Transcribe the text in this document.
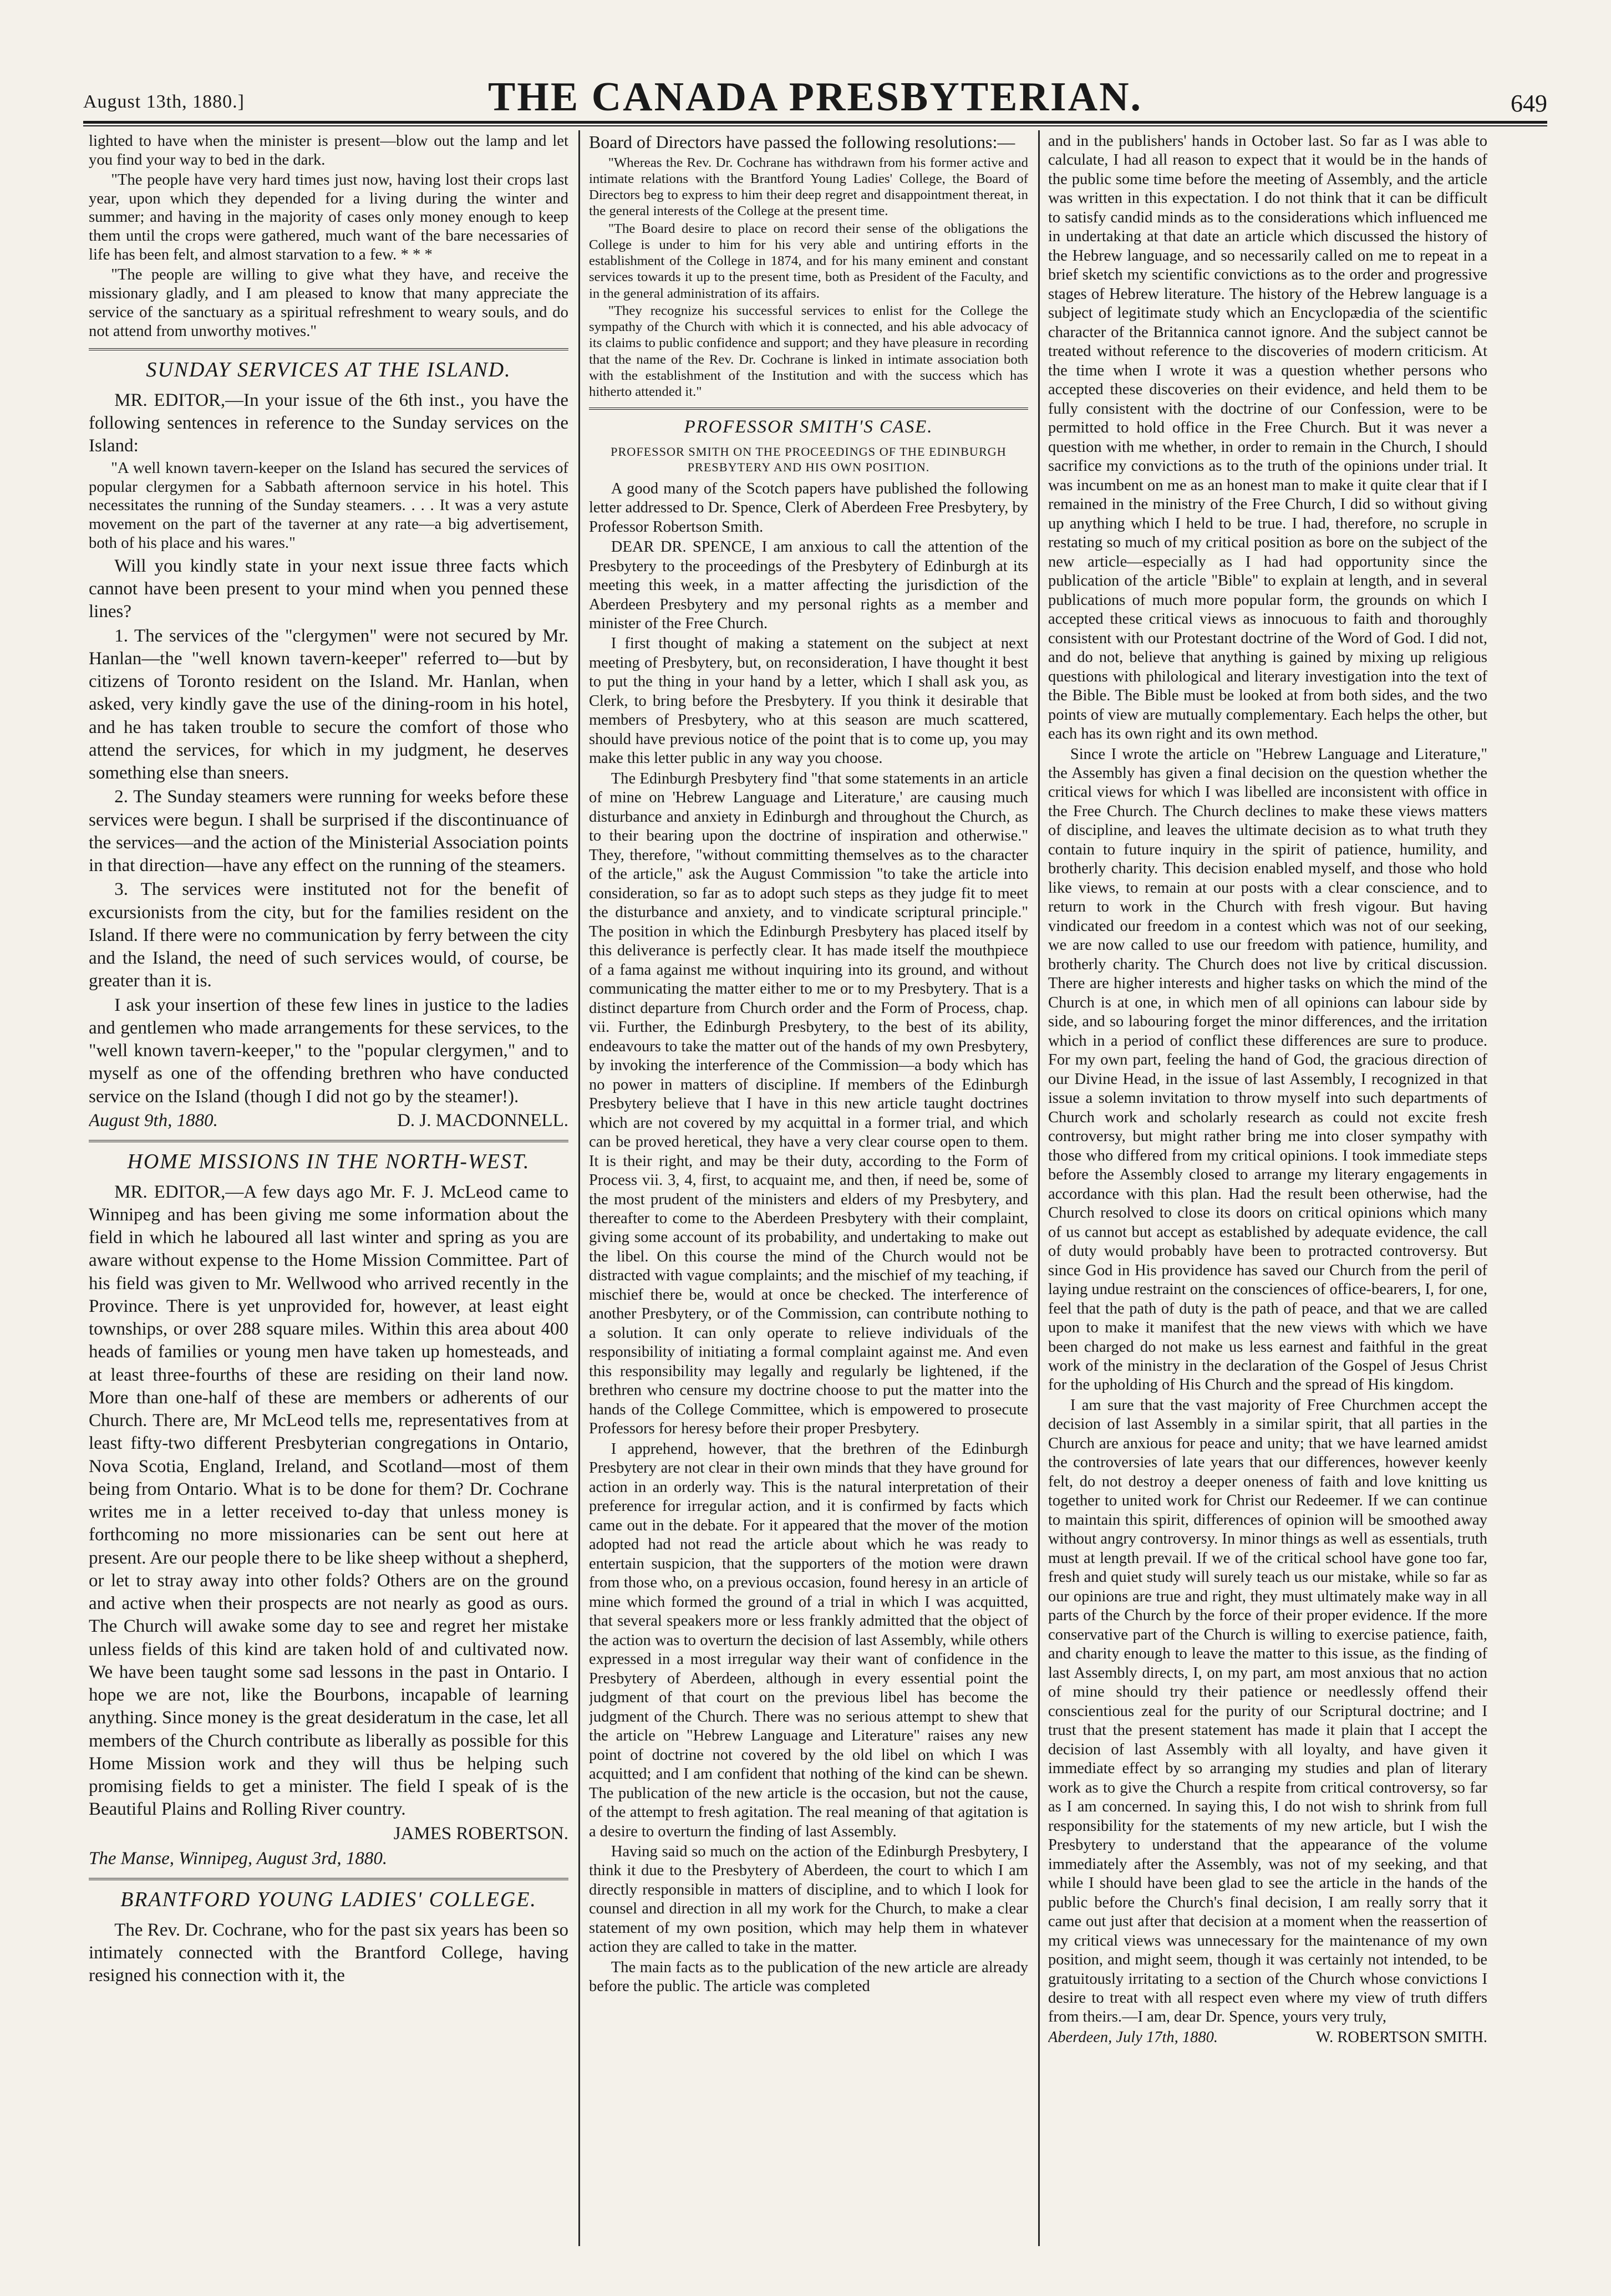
August 13th, 1880.]	THE CANADA PRESBYTERIAN.	649

lighted to have when the minister is present—blow out the lamp and let you find your way to bed in the dark.

"The people have very hard times just now, having lost their crops last year, upon which they depended for a living during the winter and summer; and having in the majority of cases only money enough to keep them until the crops were gathered, much want of the bare necessaries of life has been felt, and almost starvation to a few. * * *

"The people are willing to give what they have, and receive the missionary gladly, and I am pleased to know that many appreciate the service of the sanctuary as a spiritual refreshment to weary souls, and do not attend from unworthy motives."

SUNDAY SERVICES AT THE ISLAND.

MR. EDITOR,—In your issue of the 6th inst., you have the following sentences in reference to the Sunday services on the Island:

"A well known tavern-keeper on the Island has secured the services of popular clergymen for a Sabbath afternoon service in his hotel. This necessitates the running of the Sunday steamers. . . . It was a very astute movement on the part of the taverner at any rate—a big advertisement, both of his place and his wares."

Will you kindly state in your next issue three facts which cannot have been present to your mind when you penned these lines?

1. The services of the "clergymen" were not secured by Mr. Hanlan—the "well known tavern-keeper" referred to—but by citizens of Toronto resident on the Island. Mr. Hanlan, when asked, very kindly gave the use of the dining-room in his hotel, and he has taken trouble to secure the comfort of those who attend the services, for which in my judgment, he deserves something else than sneers.

2. The Sunday steamers were running for weeks before these services were begun. I shall be surprised if the discontinuance of the services—and the action of the Ministerial Association points in that direction—have any effect on the running of the steamers.

3. The services were instituted not for the benefit of excursionists from the city, but for the families resident on the Island. If there were no communication by ferry between the city and the Island, the need of such services would, of course, be greater than it is.

I ask your insertion of these few lines in justice to the ladies and gentlemen who made arrangements for these services, to the "well known tavern-keeper," to the "popular clergymen," and to myself as one of the offending brethren who have conducted service on the Island (though I did not go by the steamer!).

August 9th, 1880.	D. J. MACDONNELL.
HOME MISSIONS IN THE NORTH-WEST.

MR. EDITOR,—A few days ago Mr. F. J. McLeod came to Winnipeg and has been giving me some information about the field in which he laboured all last winter and spring as you are aware without expense to the Home Mission Committee. Part of his field was given to Mr. Wellwood who arrived recently in the Province. There is yet unprovided for, however, at least eight townships, or over 288 square miles. Within this area about 400 heads of families or young men have taken up homesteads, and at least three-fourths of these are residing on their land now. More than one-half of these are members or adherents of our Church. There are, Mr McLeod tells me, representatives from at least fifty-two different Presbyterian congregations in Ontario, Nova Scotia, England, Ireland, and Scotland—most of them being from Ontario. What is to be done for them? Dr. Cochrane writes me in a letter received to-day that unless money is forthcoming no more missionaries can be sent out here at present. Are our people there to be like sheep without a shepherd, or let to stray away into other folds? Others are on the ground and active when their prospects are not nearly as good as ours. The Church will awake some day to see and regret her mistake unless fields of this kind are taken hold of and cultivated now. We have been taught some sad lessons in the past in Ontario. I hope we are not, like the Bourbons, incapable of learning anything. Since money is the great desideratum in the case, let all members of the Church contribute as liberally as possible for this Home Mission work and they will thus be helping such promising fields to get a minister. The field I speak of is the Beautiful Plains and Rolling River country.

JAMES ROBERTSON.
The Manse, Winnipeg, August 3rd, 1880.
BRANTFORD YOUNG LADIES' COLLEGE.

The Rev. Dr. Cochrane, who for the past six years has been so intimately connected with the Brantford College, having resigned his connection with it, the

Board of Directors have passed the following resolutions:—

"Whereas the Rev. Dr. Cochrane has withdrawn from his former active and intimate relations with the Brantford Young Ladies' College, the Board of Directors beg to express to him their deep regret and disappointment thereat, in the general interests of the College at the present time.

"The Board desire to place on record their sense of the obligations the College is under to him for his very able and untiring efforts in the establishment of the College in 1874, and for his many eminent and constant services towards it up to the present time, both as President of the Faculty, and in the general administration of its affairs.

"They recognize his successful services to enlist for the College the sympathy of the Church with which it is connected, and his able advocacy of its claims to public confidence and support; and they have pleasure in recording that the name of the Rev. Dr. Cochrane is linked in intimate association both with the establishment of the Institution and with the success which has hitherto attended it."

PROFESSOR SMITH'S CASE.
PROFESSOR SMITH ON THE PROCEEDINGS OF THE EDINBURGH PRESBYTERY AND HIS OWN POSITION.

A good many of the Scotch papers have published the following letter addressed to Dr. Spence, Clerk of Aberdeen Free Presbytery, by Professor Robertson Smith.

DEAR DR. SPENCE, I am anxious to call the attention of the Presbytery to the proceedings of the Presbytery of Edinburgh at its meeting this week, in a matter affecting the jurisdiction of the Aberdeen Presbytery and my personal rights as a member and minister of the Free Church.

I first thought of making a statement on the subject at next meeting of Presbytery, but, on reconsideration, I have thought it best to put the thing in your hand by a letter, which I shall ask you, as Clerk, to bring before the Presbytery. If you think it desirable that members of Presbytery, who at this season are much scattered, should have previous notice of the point that is to come up, you may make this letter public in any way you choose.

The Edinburgh Presbytery find "that some statements in an article of mine on 'Hebrew Language and Literature,' are causing much disturbance and anxiety in Edinburgh and throughout the Church, as to their bearing upon the doctrine of inspiration and otherwise." They, therefore, "without committing themselves as to the character of the article," ask the August Commission "to take the article into consideration, so far as to adopt such steps as they judge fit to meet the disturbance and anxiety, and to vindicate scriptural principle." The position in which the Edinburgh Presbytery has placed itself by this deliverance is perfectly clear. It has made itself the mouthpiece of a fama against me without inquiring into its ground, and without communicating the matter either to me or to my Presbytery. That is a distinct departure from Church order and the Form of Process, chap. vii. Further, the Edinburgh Presbytery, to the best of its ability, endeavours to take the matter out of the hands of my own Presbytery, by invoking the interference of the Commission—a body which has no power in matters of discipline. If members of the Edinburgh Presbytery believe that I have in this new article taught doctrines which are not covered by my acquittal in a former trial, and which can be proved heretical, they have a very clear course open to them. It is their right, and may be their duty, according to the Form of Process vii. 3, 4, first, to acquaint me, and then, if need be, some of the most prudent of the ministers and elders of my Presbytery, and thereafter to come to the Aberdeen Presbytery with their complaint, giving some account of its probability, and undertaking to make out the libel. On this course the mind of the Church would not be distracted with vague complaints; and the mischief of my teaching, if mischief there be, would at once be checked. The interference of another Presbytery, or of the Commission, can contribute nothing to a solution. It can only operate to relieve individuals of the responsibility of initiating a formal complaint against me. And even this responsibility may legally and regularly be lightened, if the brethren who censure my doctrine choose to put the matter into the hands of the College Committee, which is empowered to prosecute Professors for heresy before their proper Presbytery.

I apprehend, however, that the brethren of the Edinburgh Presbytery are not clear in their own minds that they have ground for action in an orderly way. This is the natural interpretation of their preference for irregular action, and it is confirmed by facts which came out in the debate. For it appeared that the mover of the motion adopted had not read the article about which he was ready to entertain suspicion, that the supporters of the motion were drawn from those who, on a previous occasion, found heresy in an article of mine which formed the ground of a trial in which I was acquitted, that several speakers more or less frankly admitted that the object of the action was to overturn the decision of last Assembly, while others expressed in a most irregular way their want of confidence in the Presbytery of Aberdeen, although in every essential point the judgment of that court on the previous libel has become the judgment of the Church. There was no serious attempt to shew that the article on "Hebrew Language and Literature" raises any new point of doctrine not covered by the old libel on which I was acquitted; and I am confident that nothing of the kind can be shewn. The publication of the new article is the occasion, but not the cause, of the attempt to fresh agitation. The real meaning of that agitation is a desire to overturn the finding of last Assembly.

Having said so much on the action of the Edinburgh Presbytery, I think it due to the Presbytery of Aberdeen, the court to which I am directly responsible in matters of discipline, and to which I look for counsel and direction in all my work for the Church, to make a clear statement of my own position, which may help them in whatever action they are called to take in the matter.

The main facts as to the publication of the new article are already before the public. The article was completed

and in the publishers' hands in October last. So far as I was able to calculate, I had all reason to expect that it would be in the hands of the public some time before the meeting of Assembly, and the article was written in this expectation. I do not think that it can be difficult to satisfy candid minds as to the considerations which influenced me in undertaking at that date an article which discussed the history of the Hebrew language, and so necessarily called on me to repeat in a brief sketch my scientific convictions as to the order and progressive stages of Hebrew literature. The history of the Hebrew language is a subject of legitimate study which an Encyclopædia of the scientific character of the Britannica cannot ignore. And the subject cannot be treated without reference to the discoveries of modern criticism. At the time when I wrote it was a question whether persons who accepted these discoveries on their evidence, and held them to be fully consistent with the doctrine of our Confession, were to be permitted to hold office in the Free Church. But it was never a question with me whether, in order to remain in the Church, I should sacrifice my convictions as to the truth of the opinions under trial. It was incumbent on me as an honest man to make it quite clear that if I remained in the ministry of the Free Church, I did so without giving up anything which I held to be true. I had, therefore, no scruple in restating so much of my critical position as bore on the subject of the new article—especially as I had had opportunity since the publication of the article "Bible" to explain at length, and in several publications of much more popular form, the grounds on which I accepted these critical views as innocuous to faith and thoroughly consistent with our Protestant doctrine of the Word of God. I did not, and do not, believe that anything is gained by mixing up religious questions with philological and literary investigation into the text of the Bible. The Bible must be looked at from both sides, and the two points of view are mutually complementary. Each helps the other, but each has its own right and its own method.

Since I wrote the article on "Hebrew Language and Literature," the Assembly has given a final decision on the question whether the critical views for which I was libelled are inconsistent with office in the Free Church. The Church declines to make these views matters of discipline, and leaves the ultimate decision as to what truth they contain to future inquiry in the spirit of patience, humility, and brotherly charity. This decision enabled myself, and those who hold like views, to remain at our posts with a clear conscience, and to return to work in the Church with fresh vigour. But having vindicated our freedom in a contest which was not of our seeking, we are now called to use our freedom with patience, humility, and brotherly charity. The Church does not live by critical discussion. There are higher interests and higher tasks on which the mind of the Church is at one, in which men of all opinions can labour side by side, and so labouring forget the minor differences, and the irritation which in a period of conflict these differences are sure to produce. For my own part, feeling the hand of God, the gracious direction of our Divine Head, in the issue of last Assembly, I recognized in that issue a solemn invitation to throw myself into such departments of Church work and scholarly research as could not excite fresh controversy, but might rather bring me into closer sympathy with those who differed from my critical opinions. I took immediate steps before the Assembly closed to arrange my literary engagements in accordance with this plan. Had the result been otherwise, had the Church resolved to close its doors on critical opinions which many of us cannot but accept as established by adequate evidence, the call of duty would probably have been to protracted controversy. But since God in His providence has saved our Church from the peril of laying undue restraint on the consciences of office-bearers, I, for one, feel that the path of duty is the path of peace, and that we are called upon to make it manifest that the new views with which we have been charged do not make us less earnest and faithful in the great work of the ministry in the declaration of the Gospel of Jesus Christ for the upholding of His Church and the spread of His kingdom.

I am sure that the vast majority of Free Churchmen accept the decision of last Assembly in a similar spirit, that all parties in the Church are anxious for peace and unity; that we have learned amidst the controversies of late years that our differences, however keenly felt, do not destroy a deeper oneness of faith and love knitting us together to united work for Christ our Redeemer. If we can continue to maintain this spirit, differences of opinion will be smoothed away without angry controversy. In minor things as well as essentials, truth must at length prevail. If we of the critical school have gone too far, fresh and quiet study will surely teach us our mistake, while so far as our opinions are true and right, they must ultimately make way in all parts of the Church by the force of their proper evidence. If the more conservative part of the Church is willing to exercise patience, faith, and charity enough to leave the matter to this issue, as the finding of last Assembly directs, I, on my part, am most anxious that no action of mine should try their patience or needlessly offend their conscientious zeal for the purity of our Scriptural doctrine; and I trust that the present statement has made it plain that I accept the decision of last Assembly with all loyalty, and have given it immediate effect by so arranging my studies and plan of literary work as to give the Church a respite from critical controversy, so far as I am concerned. In saying this, I do not wish to shrink from full responsibility for the statements of my new article, but I wish the Presbytery to understand that the appearance of the volume immediately after the Assembly, was not of my seeking, and that while I should have been glad to see the article in the hands of the public before the Church's final decision, I am really sorry that it came out just after that decision at a moment when the reassertion of my critical views was unnecessary for the maintenance of my own position, and might seem, though it was certainly not intended, to be gratuitously irritating to a section of the Church whose convictions I desire to treat with all respect even where my view of truth differs from theirs.—I am, dear Dr. Spence, yours very truly,

Aberdeen, July 17th, 1880.	W. ROBERTSON SMITH.
